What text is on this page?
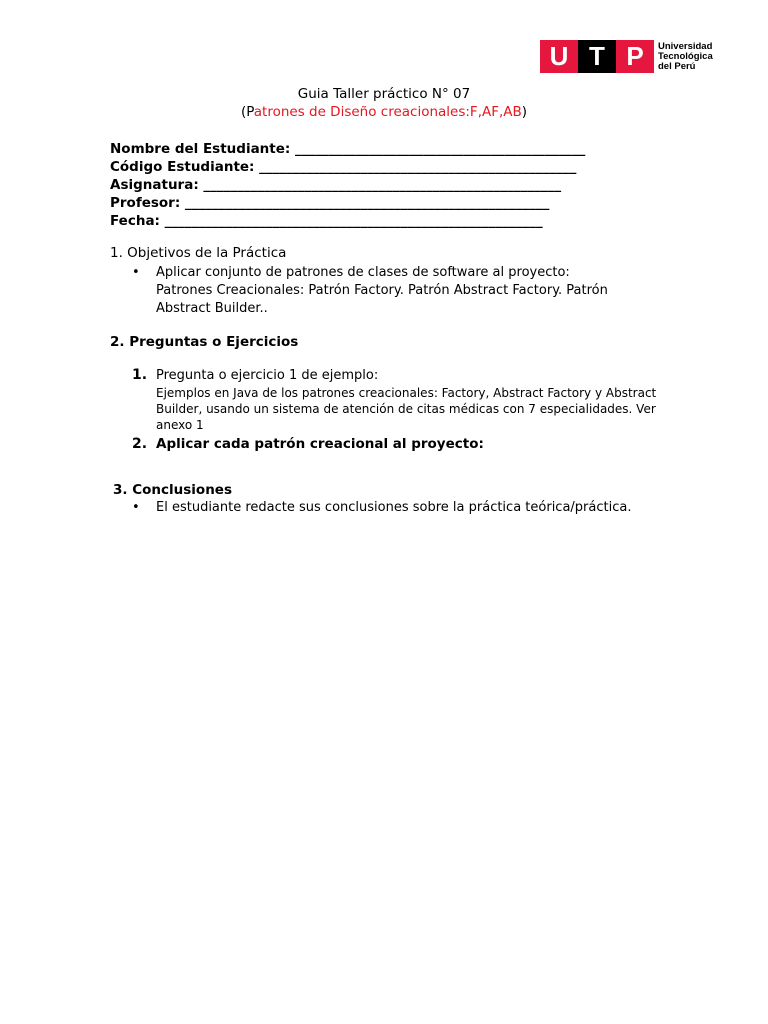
U T P	Universidad
Tecnológica
del Perú
Guia Taller práctico N° 07
(Patrones de Diseño creacionales:F,AF,AB)
Nombre del Estudiante: ___________________________________________
Código Estudiante: _______________________________________________
Asignatura: _____________________________________________________
Profesor: ______________________________________________________
Fecha: ________________________________________________________
1. Objetivos de la Práctica
•	Aplicar conjunto de patrones de clases de software al proyecto:
Patrones Creacionales: Patrón Factory. Patrón Abstract Factory. Patrón
Abstract Builder..
2. Preguntas o Ejercicios
1. Pregunta o ejercicio 1 de ejemplo:
Ejemplos en Java de los patrones creacionales: Factory, Abstract Factory y Abstract
Builder, usando un sistema de atención de citas médicas con 7 especialidades. Ver
anexo 1
2. Aplicar cada patrón creacional al proyecto:
3. Conclusiones
•	El estudiante redacte sus conclusiones sobre la práctica teórica/práctica.
